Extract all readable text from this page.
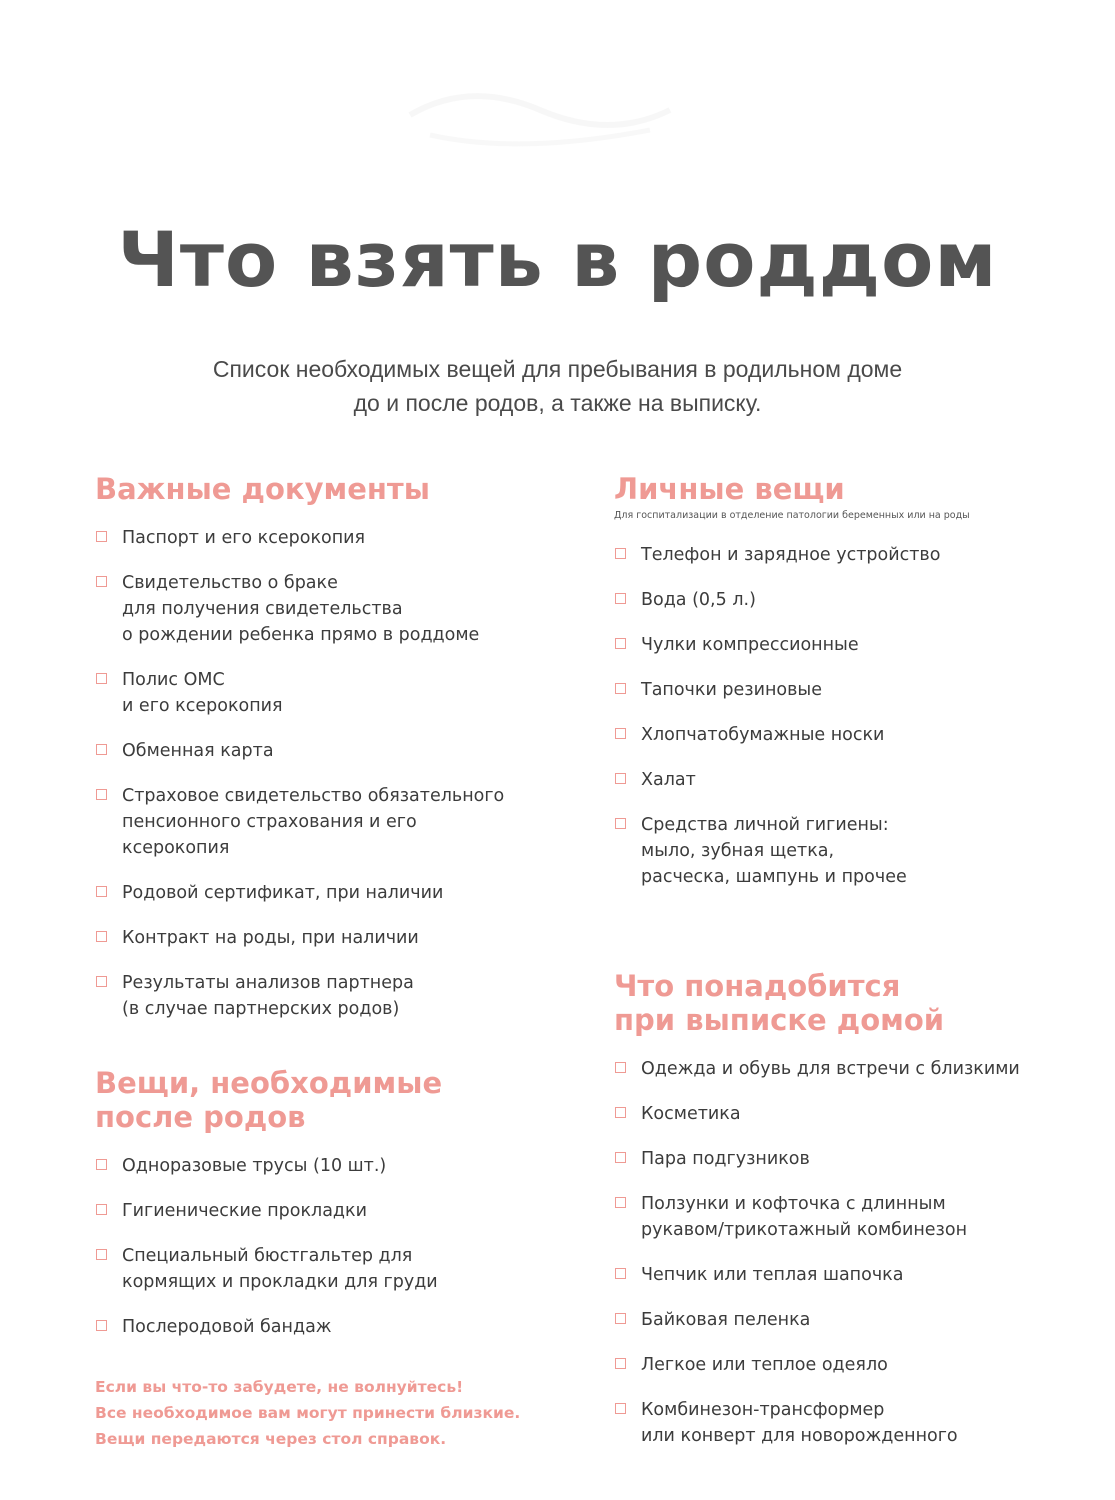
Что взять в роддом
Список необходимых вещей для пребывания в родильном доме
до и после родов, а также на выписку.
Важные документы
Паспорт и его ксерокопия
Свидетельство о браке
для получения свидетельства
о рождении ребенка прямо в роддоме
Полис ОМС
и его ксерокопия
Обменная карта
Страховое свидетельство обязательного
пенсионного страхования и его
ксерокопия
Родовой сертификат, при наличии
Контракт на роды, при наличии
Результаты анализов партнера
(в случае партнерских родов)
Вещи, необходимые
после родов
Одноразовые трусы (10 шт.)
Гигиенические прокладки
Специальный бюстгальтер для
кормящих и прокладки для груди
Послеродовой бандаж
Личные вещи
Для госпитализации в отделение патологии беременных или на роды
Телефон и зарядное устройство
Вода (0,5 л.)
Чулки компрессионные
Тапочки резиновые
Хлопчатобумажные носки
Халат
Средства личной гигиены:
мыло, зубная щетка,
расческа, шампунь и прочее
Что понадобится
при выписке домой
Одежда и обувь для встречи с близкими
Косметика
Пара подгузников
Ползунки и кофточка с длинным
рукавом/трикотажный комбинезон
Чепчик или теплая шапочка
Байковая пеленка
Легкое или теплое одеяло
Комбинезон-трансформер
или конверт для новорожденного

Если вы что-то забудете, не волнуйтесь!
Все необходимое вам могут принести близкие.
Вещи передаются через стол справок.
